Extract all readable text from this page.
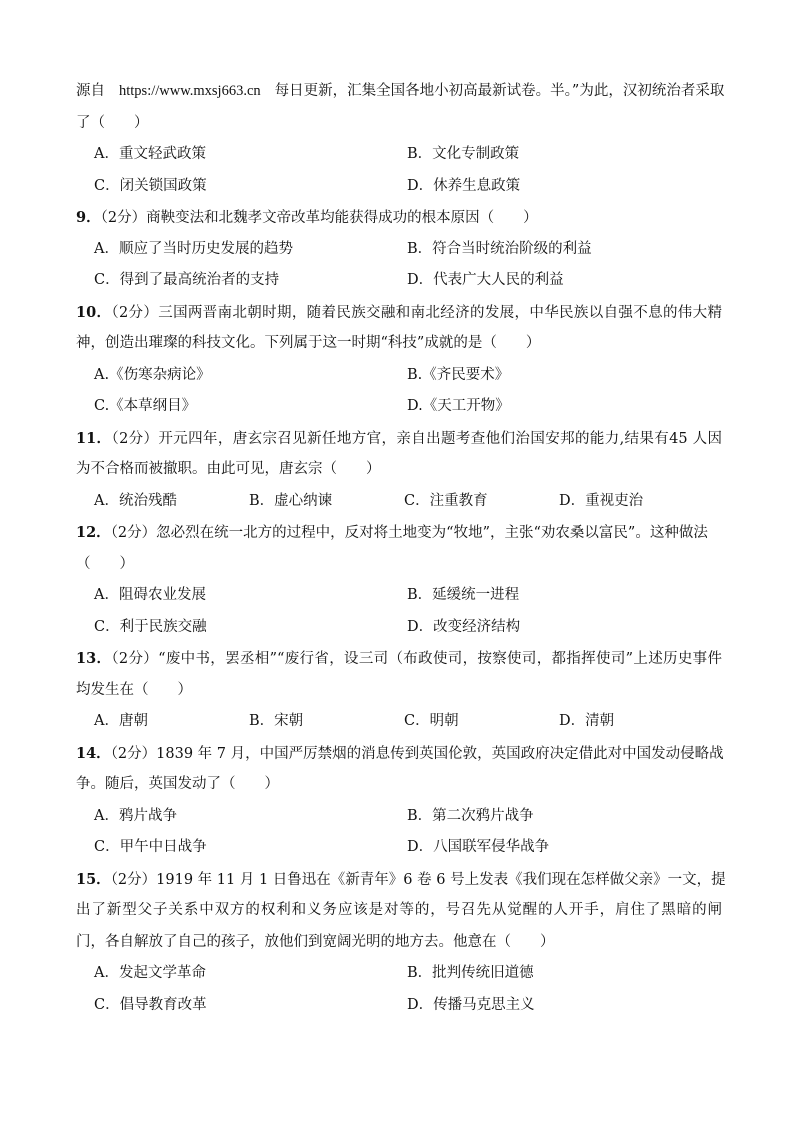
源自 https://www.mxsj663.cn 每日更新，汇集全国各地小初高最新试卷。半。”为此，汉初统治者采取
了（　　）
A．重文轻武政策	B．文化专制政策
C．闭关锁国政策	D．休养生息政策
9．（2分）商鞅变法和北魏孝文帝改革均能获得成功的根本原因（　　）
A．顺应了当时历史发展的趋势	B．符合当时统治阶级的利益
C．得到了最高统治者的支持	D．代表广大人民的利益
10．（2分）三国两晋南北朝时期，随着民族交融和南北经济的发展，中华民族以自强不息的伟大精
神，创造出璀璨的科技文化。下列属于这一时期“科技”成就的是（　　）
A.《伤寒杂病论》	B.《齐民要术》
C.《本草纲目》	D.《天工开物》
11．（2分）开元四年，唐玄宗召见新任地方官，亲自出题考查他们治国安邦的能力,结果有45 人因
为不合格而被撤职。由此可见，唐玄宗（　　）
A．统治残酷	B．虚心纳谏	C．注重教育	D．重视吏治
12．（2分）忽必烈在统一北方的过程中，反对将土地变为“牧地”，主张“劝农桑以富民”。这种做法
（　　）
A．阻碍农业发展	B．延缓统一进程
C．利于民族交融	D．改变经济结构
13．（2分）“废中书，罢丞相”“废行省，设三司（布政使司，按察使司，都指挥使司”上述历史事件
均发生在（　　）
A．唐朝	B．宋朝	C．明朝	D．清朝
14．（2分）1839 年 7 月，中国严厉禁烟的消息传到英国伦敦，英国政府决定借此对中国发动侵略战
争。随后，英国发动了（　　）
A．鸦片战争	B．第二次鸦片战争
C．甲午中日战争	D．八国联军侵华战争
15．（2分）1919 年 11 月 1 日鲁迅在《新青年》6 卷 6 号上发表《我们现在怎样做父亲》一文，提
出了新型父子关系中双方的权利和义务应该是对等的，号召先从觉醒的人开手，肩住了黑暗的闸
门，各自解放了自己的孩子，放他们到宽阔光明的地方去。他意在（　　）
A．发起文学革命	B．批判传统旧道德
C．倡导教育改革	D．传播马克思主义
